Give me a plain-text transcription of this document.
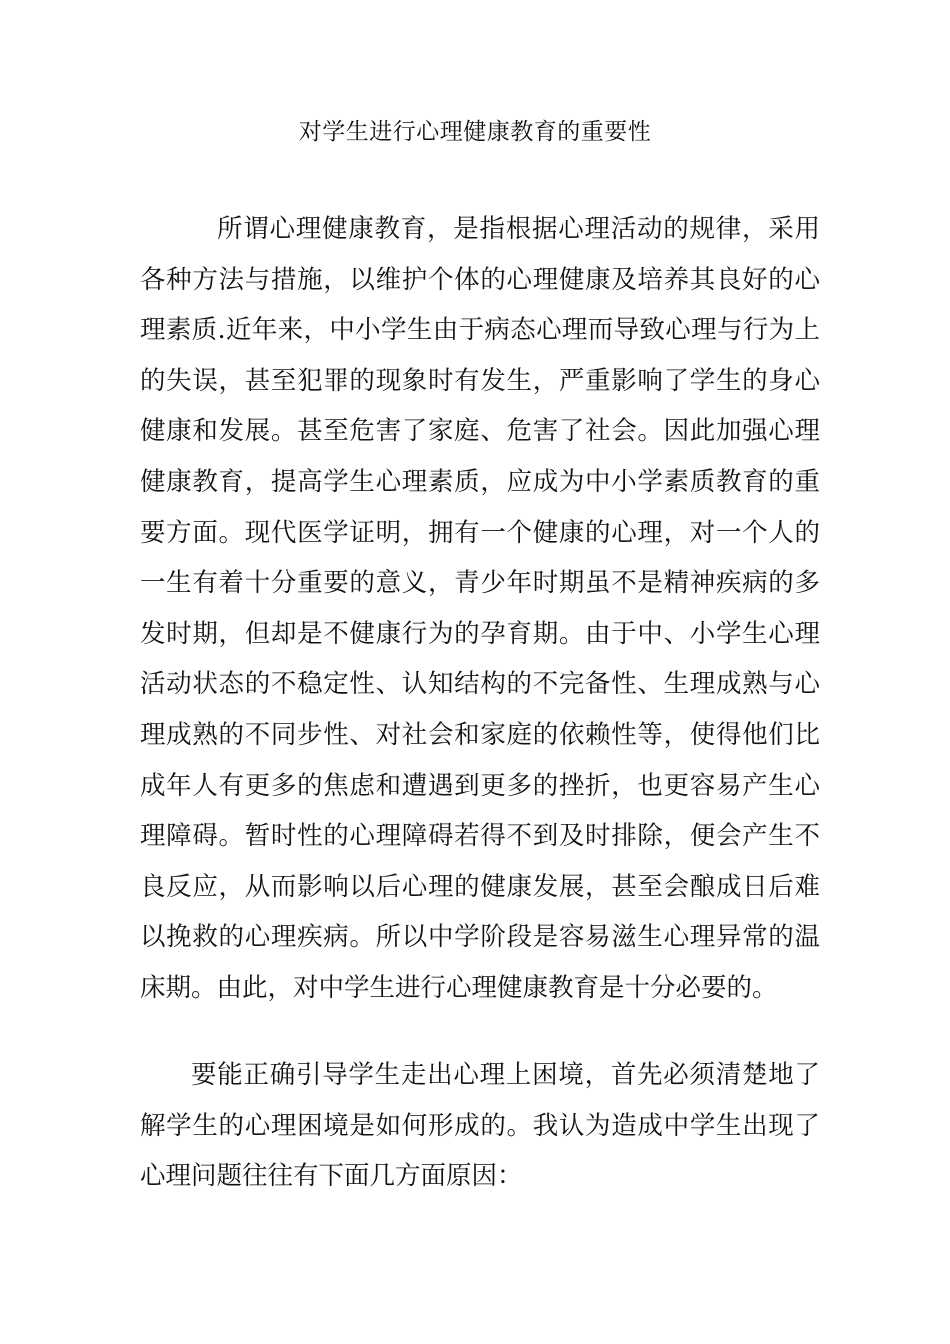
对学生进行心理健康教育的重要性
所谓心理健康教育，是指根据心理活动的规律，采用
各种方法与措施，以维护个体的心理健康及培养其良好的心
理素质.近年来，中小学生由于病态心理而导致心理与行为上
的失误，甚至犯罪的现象时有发生，严重影响了学生的身心
健康和发展。甚至危害了家庭、危害了社会。因此加强心理
健康教育，提高学生心理素质，应成为中小学素质教育的重
要方面。现代医学证明，拥有一个健康的心理，对一个人的
一生有着十分重要的意义，青少年时期虽不是精神疾病的多
发时期，但却是不健康行为的孕育期。由于中、小学生心理
活动状态的不稳定性、认知结构的不完备性、生理成熟与心
理成熟的不同步性、对社会和家庭的依赖性等，使得他们比
成年人有更多的焦虑和遭遇到更多的挫折，也更容易产生心
理障碍。暂时性的心理障碍若得不到及时排除，便会产生不
良反应，从而影响以后心理的健康发展，甚至会酿成日后难
以挽救的心理疾病。所以中学阶段是容易滋生心理异常的温
床期。由此，对中学生进行心理健康教育是十分必要的。
要能正确引导学生走出心理上困境，首先必须清楚地了
解学生的心理困境是如何形成的。我认为造成中学生出现了
心理问题往往有下面几方面原因：
